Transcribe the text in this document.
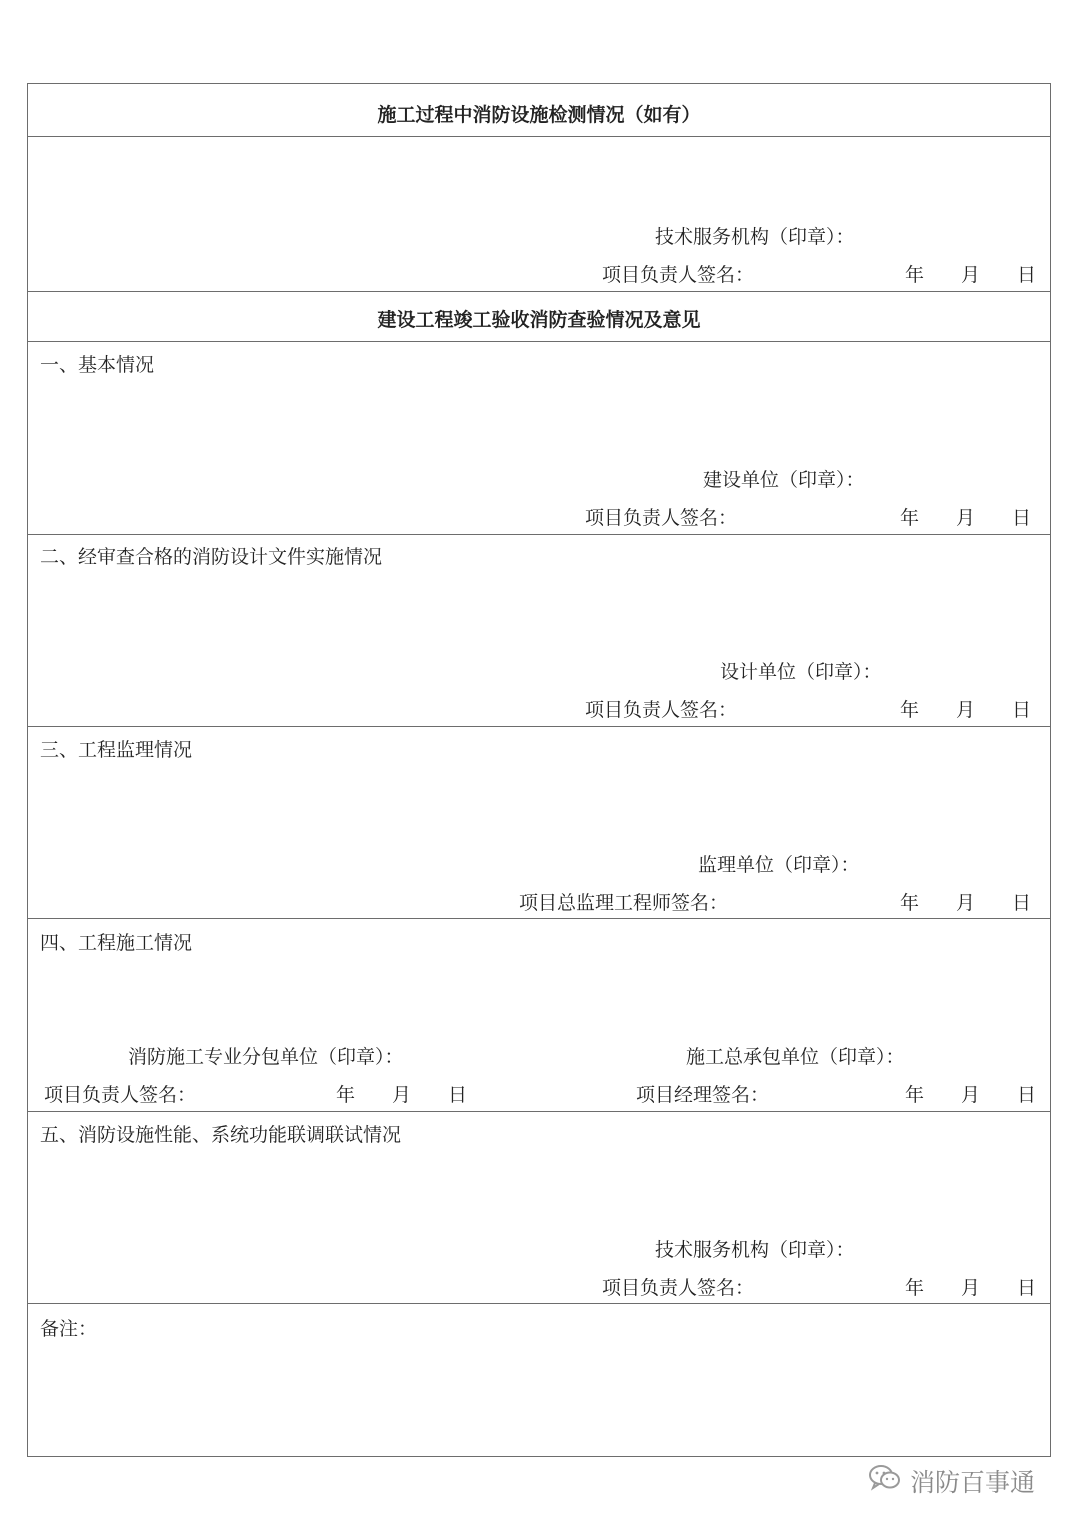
施工过程中消防设施检测情况（如有）
技术服务机构（印章）：
项目负责人签名：	年 月 日
建设工程竣工验收消防查验情况及意见
一、基本情况
建设单位（印章）：
项目负责人签名：	年 月 日
二、经审查合格的消防设计文件实施情况
设计单位（印章）：
项目负责人签名：	年 月 日
三、工程监理情况
监理单位（印章）：
项目总监理工程师签名：	年 月 日
四、工程施工情况
消防施工专业分包单位（印章）：
项目负责人签名：	年 月 日
施工总承包单位（印章）：
项目经理签名：	年 月 日
五、消防设施性能、系统功能联调联试情况
技术服务机构（印章）：
项目负责人签名：	年 月 日
备注：
消防百事通
